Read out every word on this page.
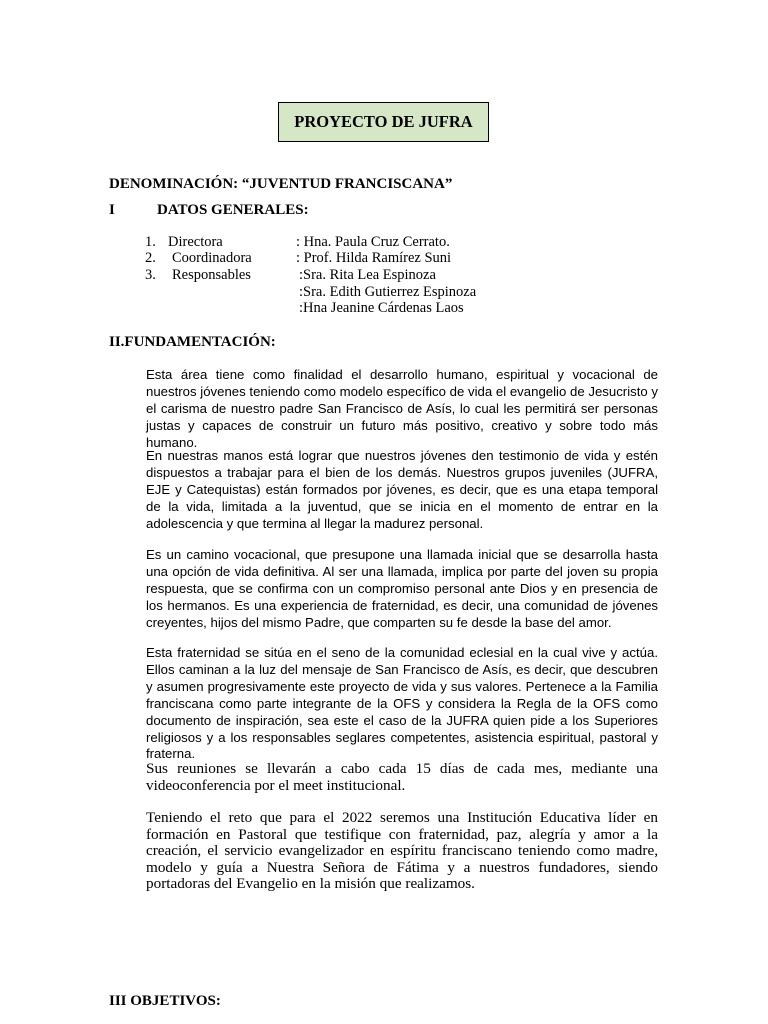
PROYECTO DE JUFRA
DENOMINACIÓN: “JUVENTUD FRANCISCANA”
I	DATOS GENERALES:
1. Directora	: Hna. Paula Cruz Cerrato.
2. Coordinadora	: Prof. Hilda Ramírez Suni
3. Responsables	:Sra. Rita Lea Espinoza
:Sra. Edith Gutierrez Espinoza
:Hna Jeanine Cárdenas Laos
II.FUNDAMENTACIÓN:
Esta área tiene como finalidad el desarrollo humano, espiritual y vocacional de nuestros jóvenes teniendo como modelo específico de vida el evangelio de Jesucristo y el carisma de nuestro padre San Francisco de Asís, lo cual les permitirá ser personas justas y capaces de construir un futuro más positivo, creativo y sobre todo más humano.
En nuestras manos está lograr que nuestros jóvenes den testimonio de vida y estén dispuestos a trabajar para el bien de los demás. Nuestros grupos juveniles (JUFRA, EJE y Catequistas) están formados por jóvenes, es decir, que es una etapa temporal de la vida, limitada a la juventud, que se inicia en el momento de entrar en la adolescencia y que termina al llegar la madurez personal.
Es un camino vocacional, que presupone una llamada inicial que se desarrolla hasta una opción de vida definitiva. Al ser una llamada, implica por parte del joven su propia respuesta, que se confirma con un compromiso personal ante Dios y en presencia de los hermanos. Es una experiencia de fraternidad, es decir, una comunidad de jóvenes creyentes, hijos del mismo Padre, que comparten su fe desde la base del amor.
Esta fraternidad se sitúa en el seno de la comunidad eclesial en la cual vive y actúa. Ellos caminan a la luz del mensaje de San Francisco de Asís, es decir, que descubren y asumen progresivamente este proyecto de vida y sus valores. Pertenece a la Familia franciscana como parte integrante de la OFS y considera la Regla de la OFS como documento de inspiración, sea este el caso de la JUFRA quien pide a los Superiores religiosos y a los responsables seglares competentes, asistencia espiritual, pastoral y fraterna.
Sus reuniones se llevarán a cabo cada 15 días de cada mes, mediante una videoconferencia por el meet institucional.
Teniendo el reto que para el 2022 seremos una Institución Educativa líder en formación en Pastoral que testifique con fraternidad, paz, alegría y amor a la creación, el servicio evangelizador en espíritu franciscano teniendo como madre, modelo y guía a Nuestra Señora de Fátima y a nuestros fundadores, siendo portadoras del Evangelio en la misión que realizamos.
III OBJETIVOS:
